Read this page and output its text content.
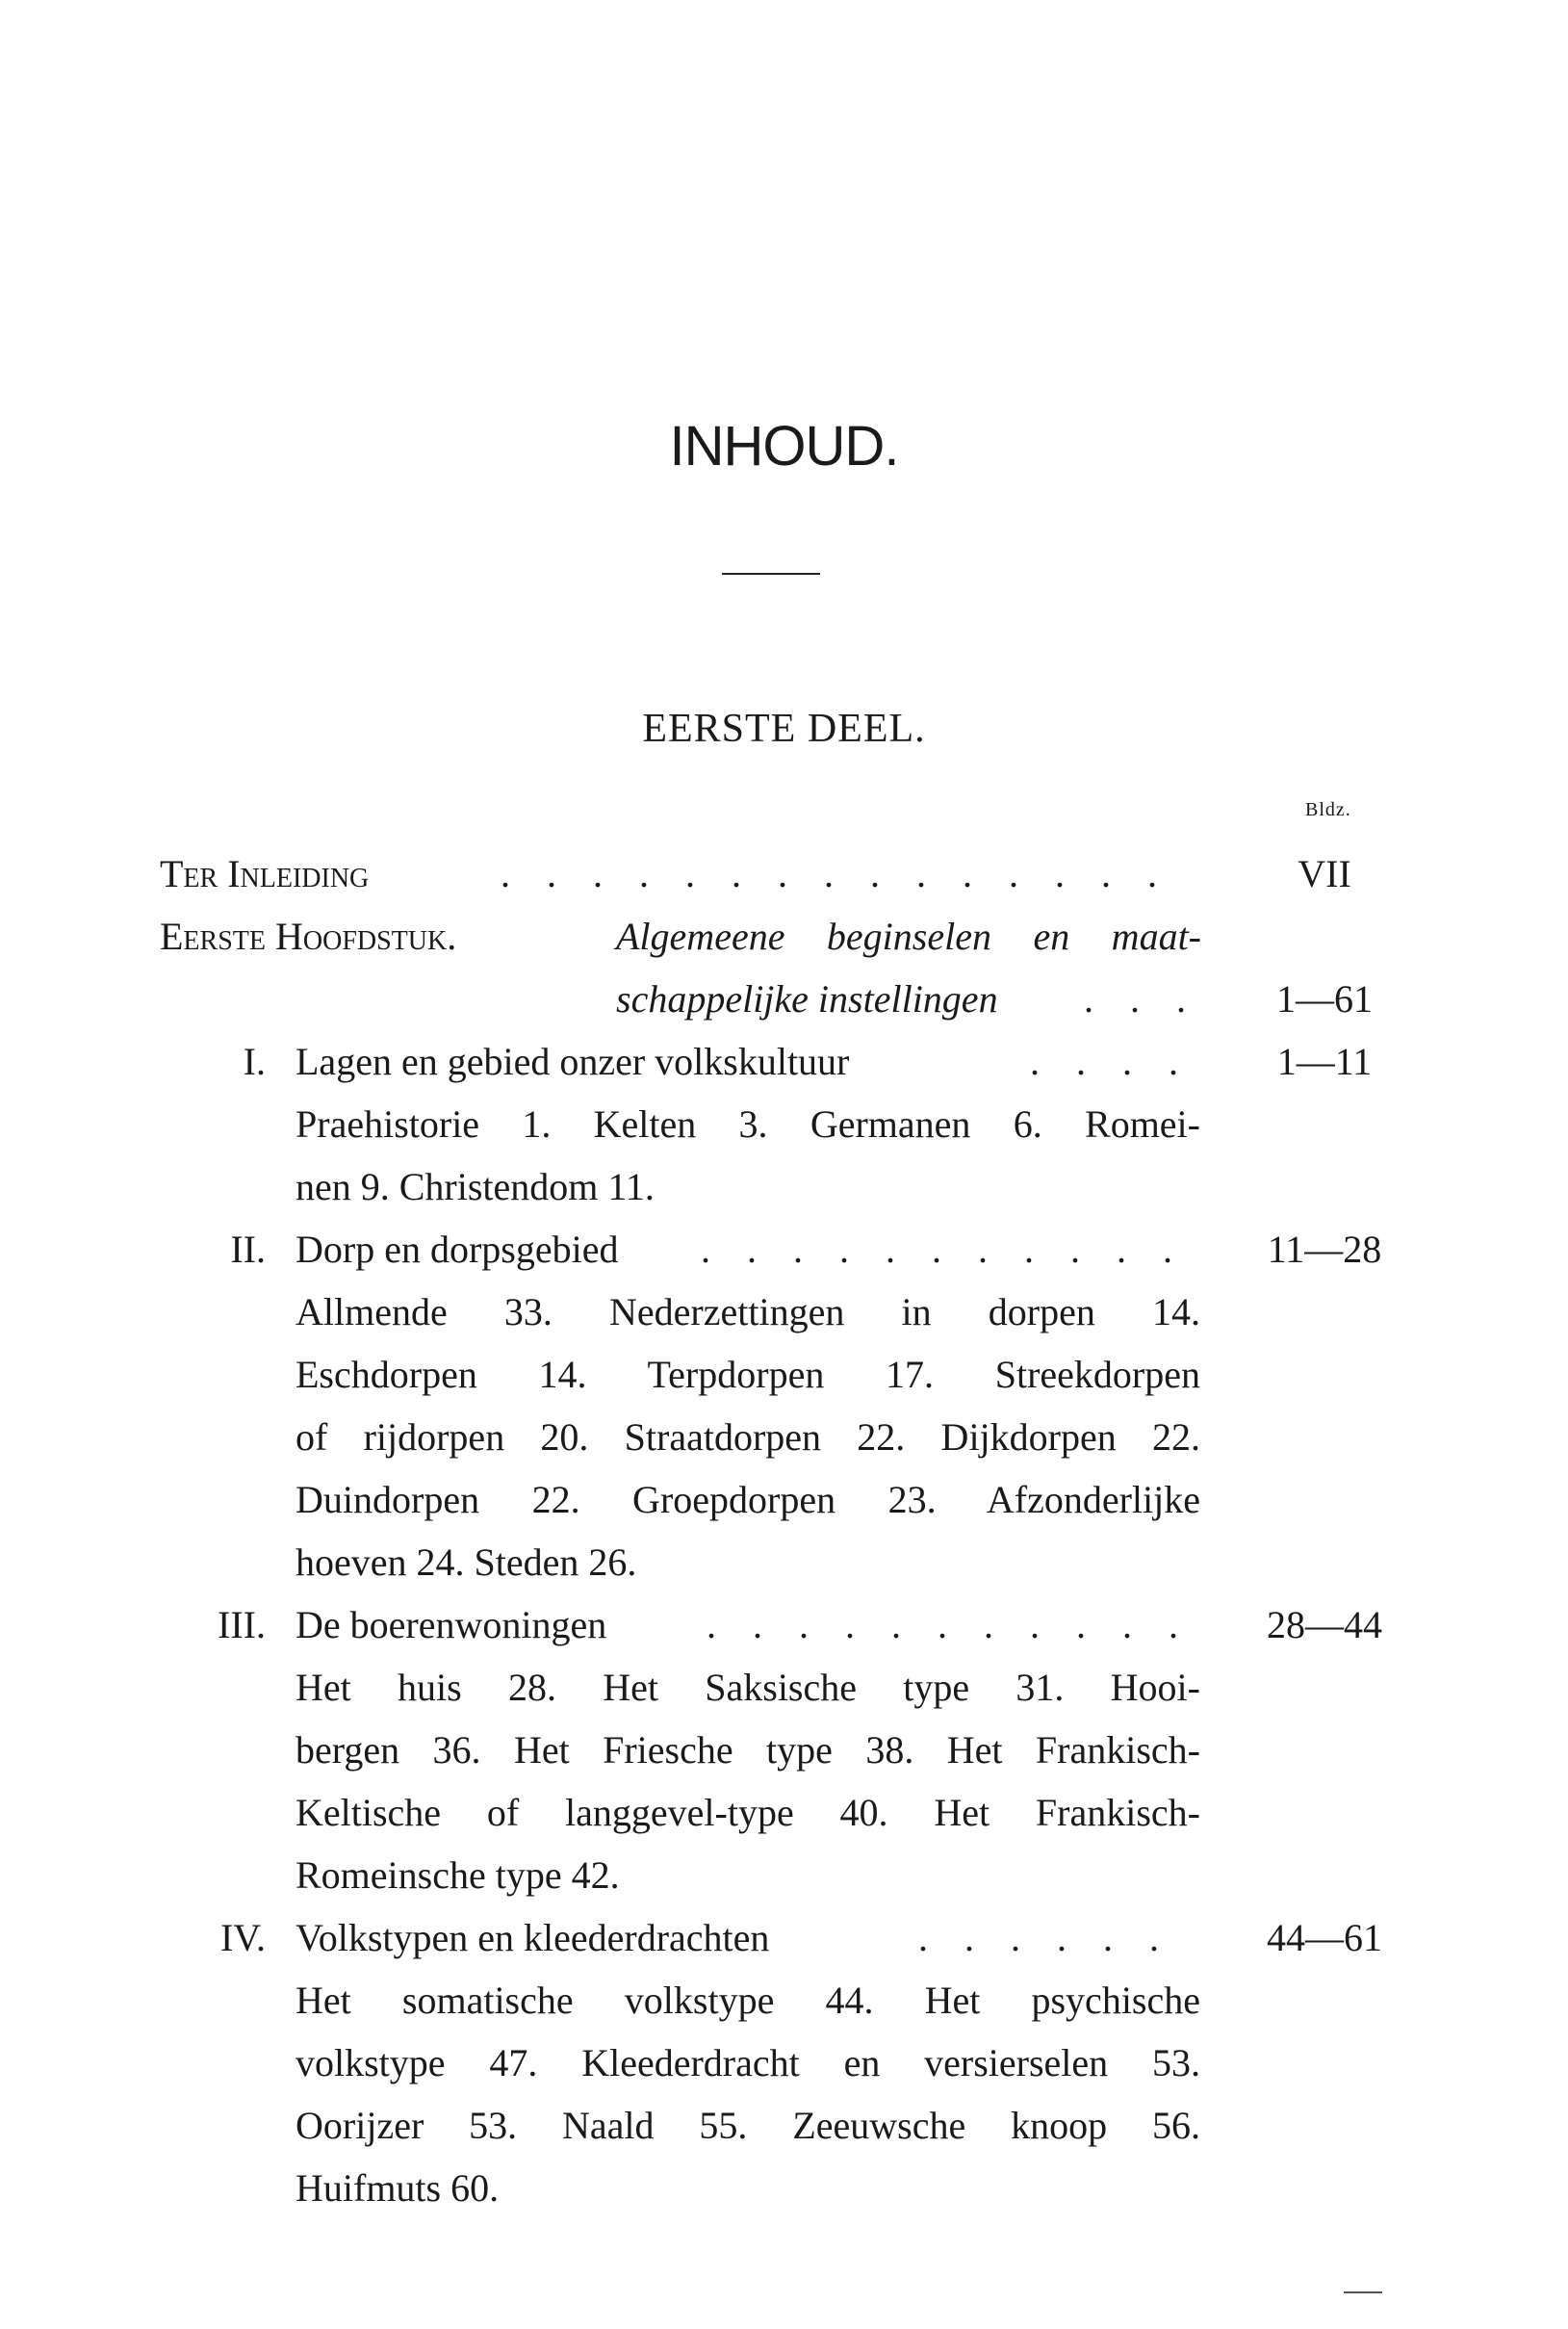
INHOUD.
EERSTE DEEL.
Bldz.
Ter Inleiding	. . . . . . . . . . . . . . .	VII
Eerste Hoofdstuk.	Algemeene beginselen en maat-
schappelijke instellingen . . .	1—61
I. Lagen en gebied onzer volkskultuur	. . . .	1—11
Praehistorie 1. Kelten 3. Germanen 6. Romei-
nen 9. Christendom 11.
II. Dorp en dorpsgebied . . . . . . . . . . .	11—28
Allmende 33. Nederzettingen in dorpen 14.
Eschdorpen 14. Terpdorpen 17. Streekdorpen
of rijdorpen 20. Straatdorpen 22. Dijkdorpen 22.
Duindorpen 22. Groepdorpen 23. Afzonderlijke
hoeven 24. Steden 26.
III. De boerenwoningen	. . . . . . . . . . .	28—44
Het huis 28. Het Saksische type 31. Hooi-
bergen 36. Het Friesche type 38. Het Frankisch-
Keltische of langgevel-type 40. Het Frankisch-
Romeinsche type 42.
IV. Volkstypen en kleederdrachten	. . . . . .	44—61
Het somatische volkstype 44. Het psychische
volkstype 47. Kleederdracht en versierselen 53.
Oorijzer 53. Naald 55. Zeeuwsche knoop 56.
Huifmuts 60.
